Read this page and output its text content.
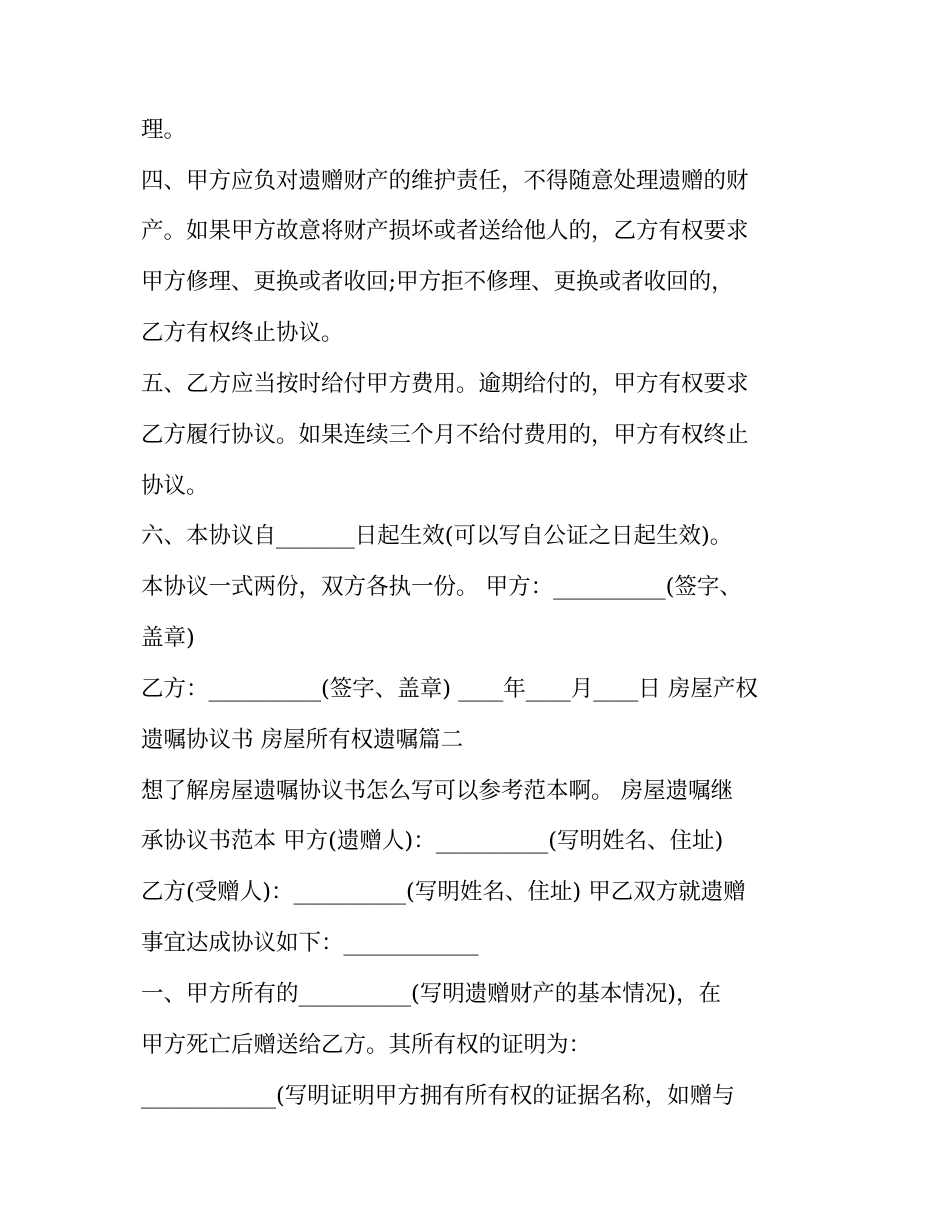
理。

四、甲方应负对遗赠财产的维护责任，不得随意处理遗赠的财

产。如果甲方故意将财产损坏或者送给他人的，乙方有权要求

甲方修理、更换或者收回;甲方拒不修理、更换或者收回的，

乙方有权终止协议。

五、乙方应当按时给付甲方费用。逾期给付的，甲方有权要求

乙方履行协议。如果连续三个月不给付费用的，甲方有权终止

协议。

六、本协议自_______日起生效(可以写自公证之日起生效)。

本协议一式两份，双方各执一份。 甲方：__________(签字、

盖章)

乙方：__________(签字、盖章) ____年____月____日 房屋产权

遗嘱协议书 房屋所有权遗嘱篇二

想了解房屋遗嘱协议书怎么写可以参考范本啊。 房屋遗嘱继

承协议书范本 甲方(遗赠人)：__________(写明姓名、住址)

乙方(受赠人)：__________(写明姓名、住址) 甲乙双方就遗赠

事宜达成协议如下：____________

一、甲方所有的__________(写明遗赠财产的基本情况)，在

甲方死亡后赠送给乙方。其所有权的证明为：

____________(写明证明甲方拥有所有权的证据名称，如赠与
